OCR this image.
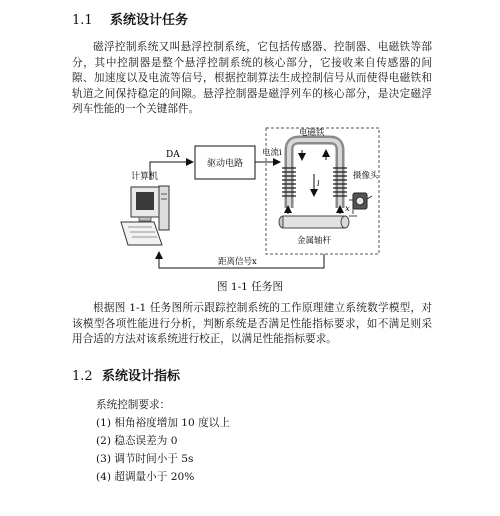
1.1 系统设计任务
磁浮控制系统又叫悬浮控制系统，它包括传感器、控制器、电磁铁等部分，其中控制器是整个悬浮控制系统的核心部分，它接收来自传感器的间隙、加速度以及电流等信号，根据控制算法生成控制信号从而使得电磁铁和轨道之间保持稳定的间隙。悬浮控制器是磁浮列车的核心部分，是决定磁浮列车性能的一个关键部件。
计算机
DA
驱动电路
电流i
电磁铁
i
金属轴杆
x
摄像头
距离信号x
图 1-1 任务图
根据图 1-1 任务图所示跟踪控制系统的工作原理建立系统数学模型，对该模型各项性能进行分析，判断系统是否满足性能指标要求，如不满足则采用合适的方法对该系统进行校正，以满足性能指标要求。
1.2 系统设计指标
系统控制要求：
(1) 相角裕度增加 10 度以上
(2) 稳态误差为 0
(3) 调节时间小于 5s
(4) 超调量小于 20%
